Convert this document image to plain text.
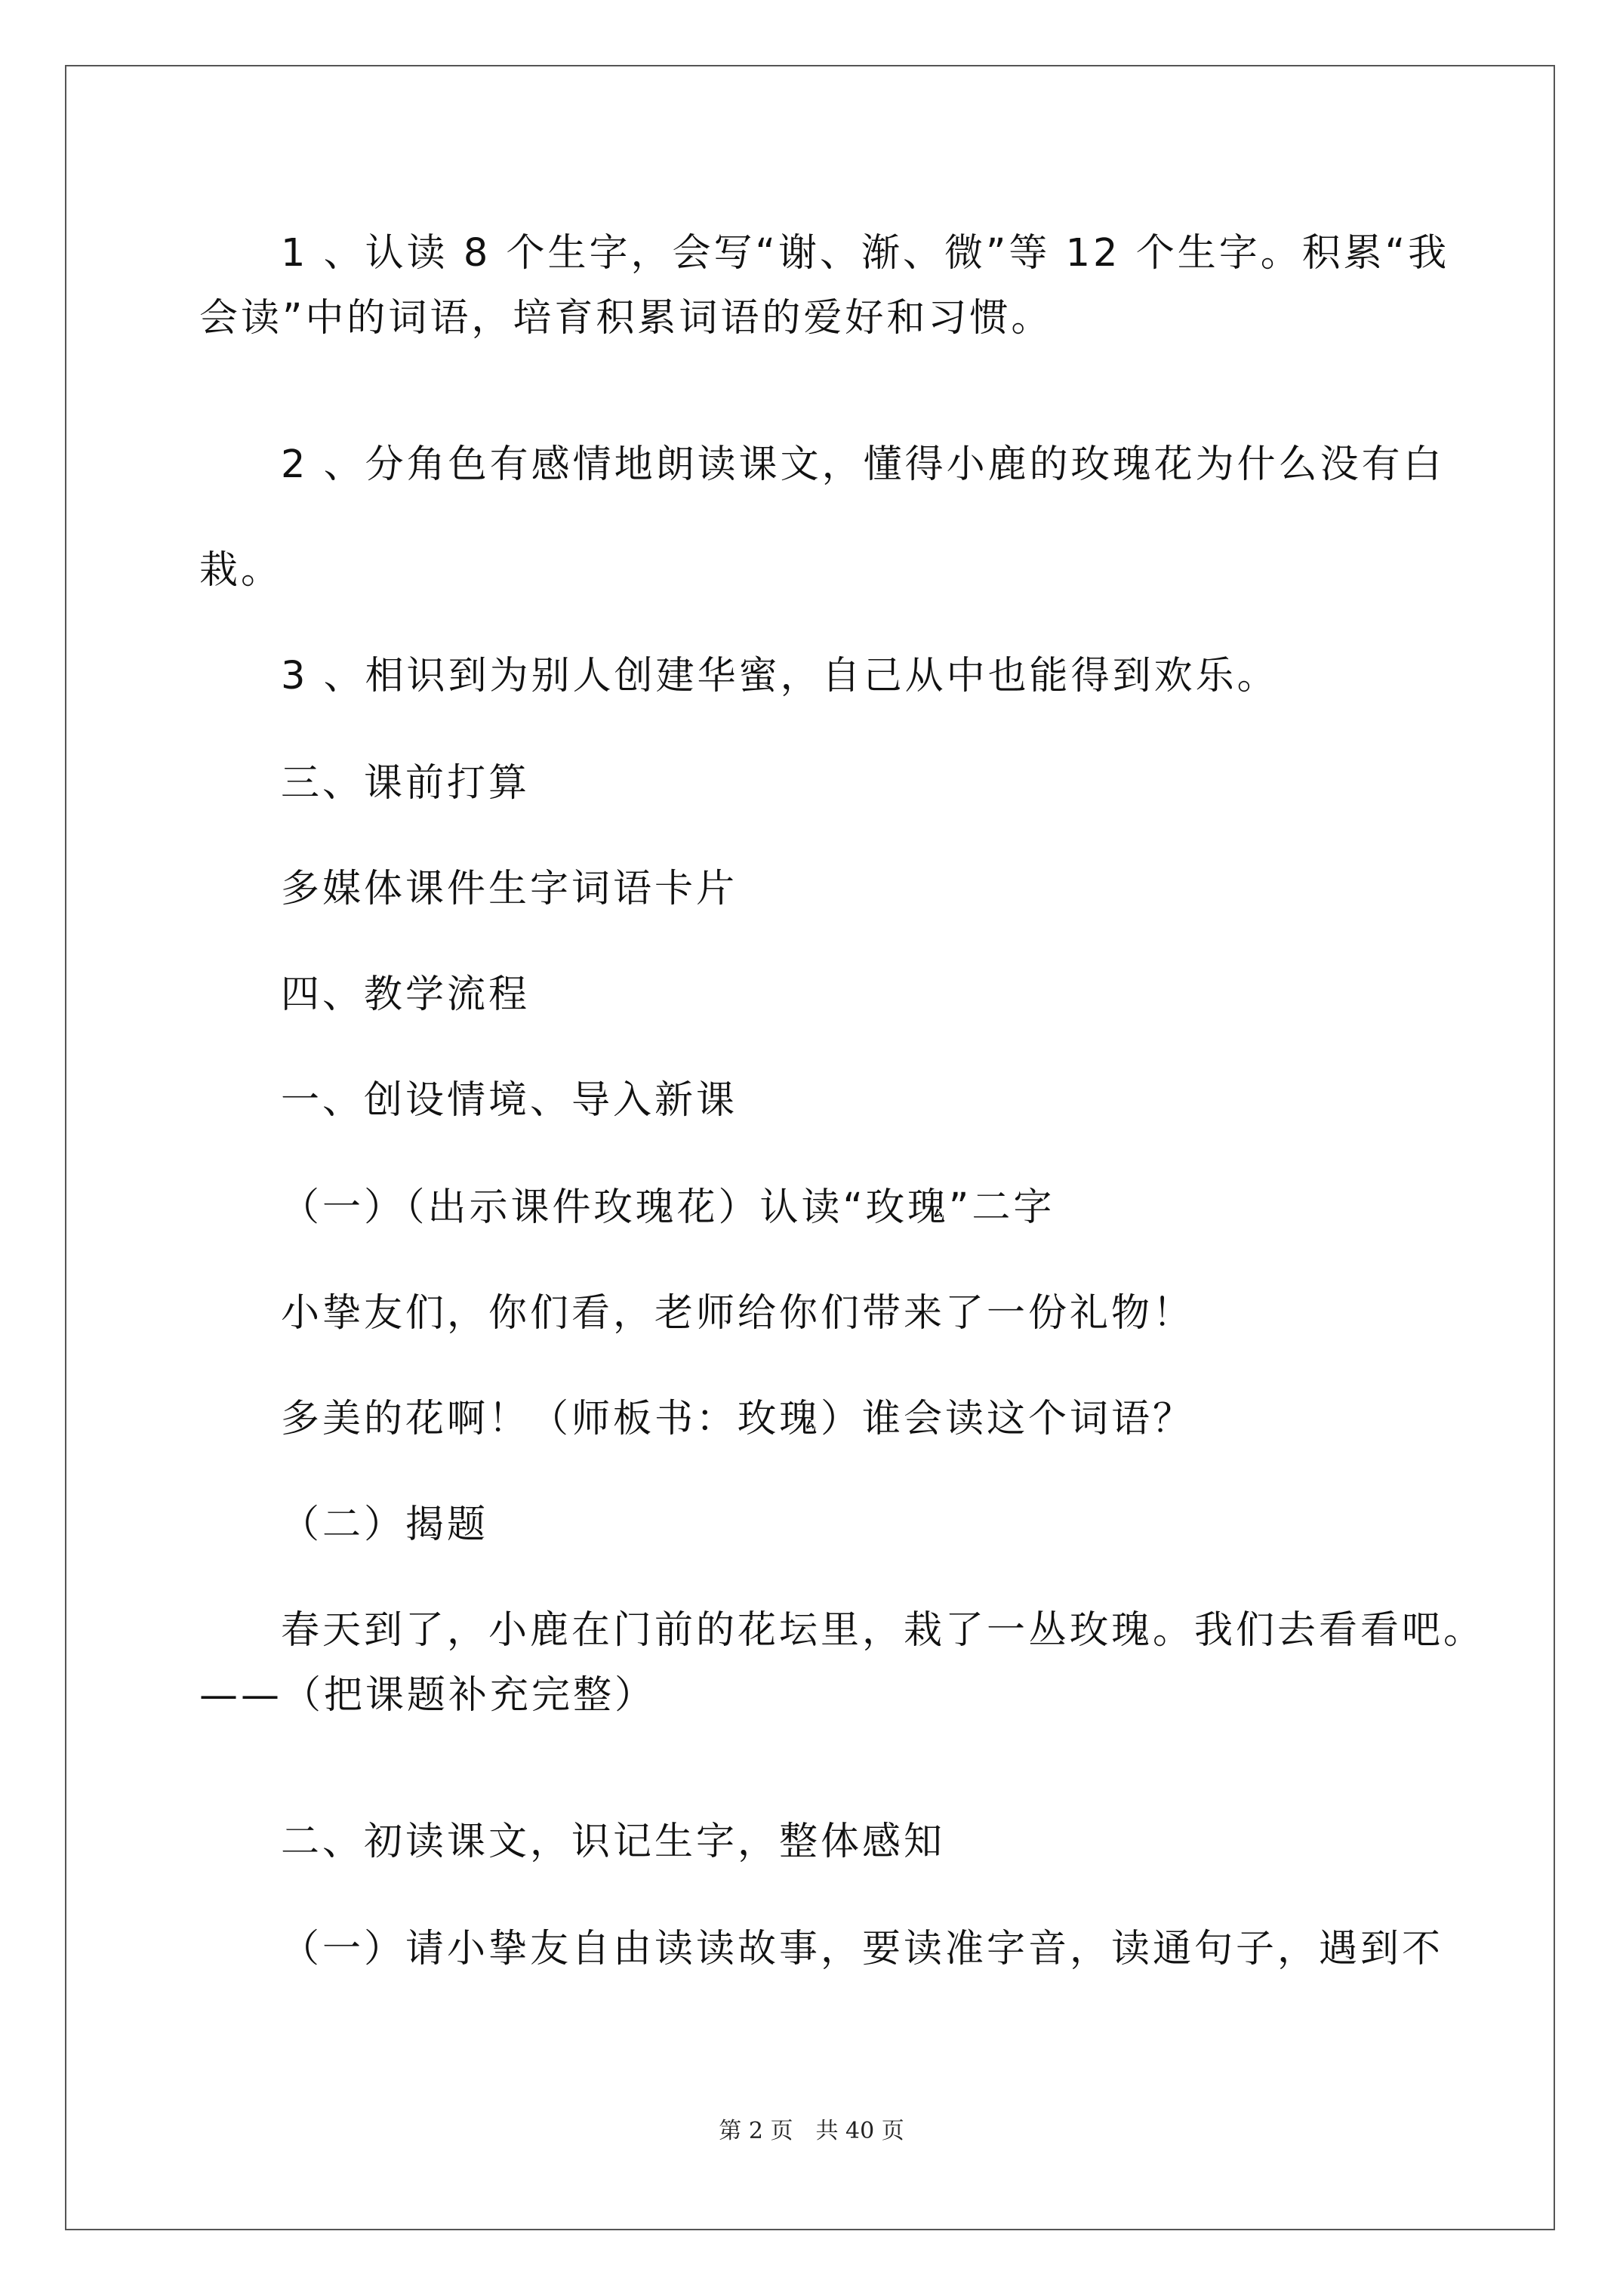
1 、认读 8 个生字，会写“谢、渐、微”等 12 个生字。积累“我
会读”中的词语，培育积累词语的爱好和习惯。
2 、分角色有感情地朗读课文，懂得小鹿的玫瑰花为什么没有白
栽。
3 、相识到为别人创建华蜜，自己从中也能得到欢乐。
三、课前打算
多媒体课件生字词语卡片
四、教学流程
一、创设情境、导入新课
（一）（出示课件玫瑰花）认读“玫瑰”二字
小挚友们，你们看，老师给你们带来了一份礼物！
多美的花啊！（师板书：玫瑰）谁会读这个词语？
（二）揭题
春天到了，小鹿在门前的花坛里，栽了一丛玫瑰。我们去看看吧。
——（把课题补充完整）
二、初读课文，识记生字，整体感知
（一）请小挚友自由读读故事，要读准字音，读通句子，遇到不
第 2 页　共 40 页
